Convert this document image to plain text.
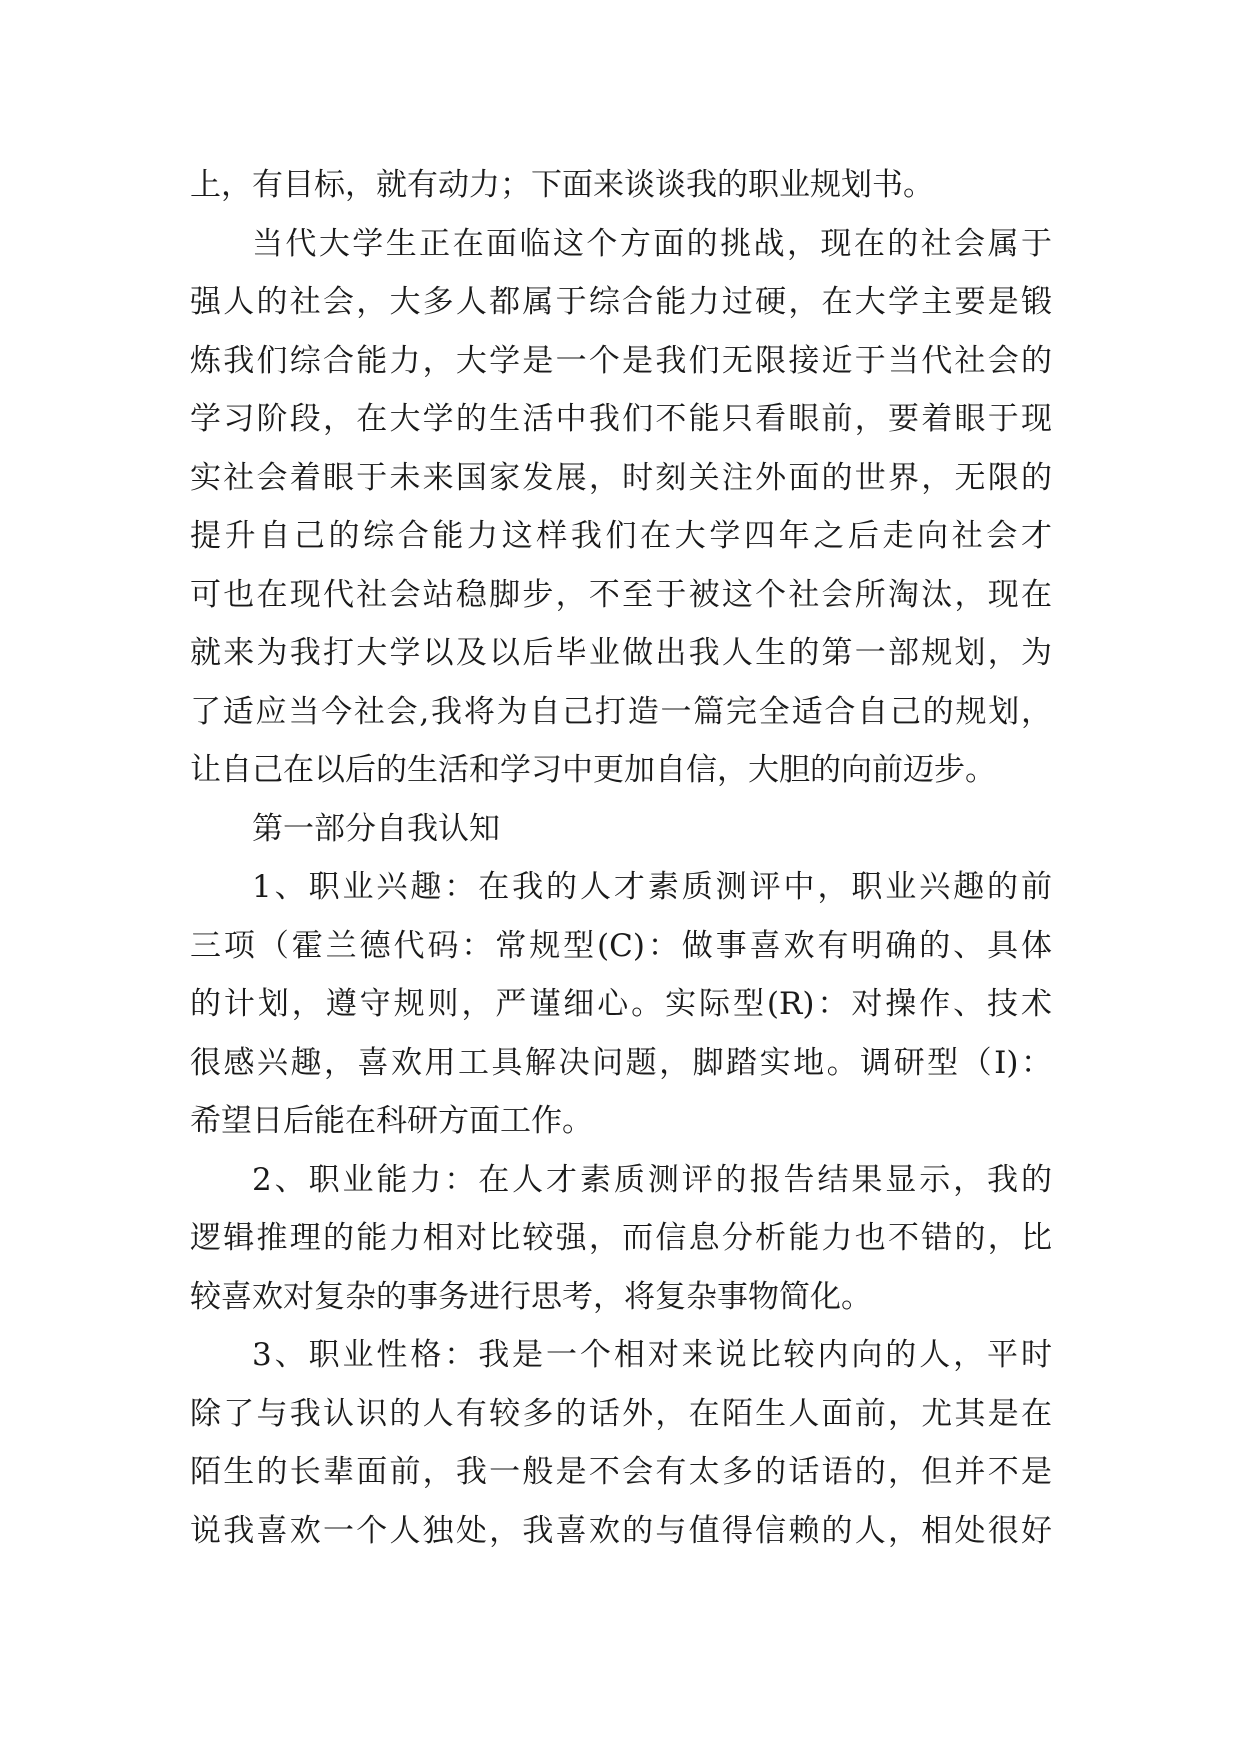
上，有目标，就有动力；下面来谈谈我的职业规划书。
当代大学生正在面临这个方面的挑战，现在的社会属于
强人的社会，大多人都属于综合能力过硬，在大学主要是锻
炼我们综合能力，大学是一个是我们无限接近于当代社会的
学习阶段，在大学的生活中我们不能只看眼前，要着眼于现
实社会着眼于未来国家发展，时刻关注外面的世界，无限的
提升自己的综合能力这样我们在大学四年之后走向社会才
可也在现代社会站稳脚步，不至于被这个社会所淘汰，现在
就来为我打大学以及以后毕业做出我人生的第一部规划，为
了适应当今社会,我将为自己打造一篇完全适合自己的规划，
让自己在以后的生活和学习中更加自信，大胆的向前迈步。
第一部分自我认知
1、职业兴趣：在我的人才素质测评中，职业兴趣的前
三项（霍兰德代码：常规型(C)：做事喜欢有明确的、具体
的计划，遵守规则，严谨细心。实际型(R)：对操作、技术
很感兴趣，喜欢用工具解决问题，脚踏实地。调研型（I)：
希望日后能在科研方面工作。
2、职业能力：在人才素质测评的报告结果显示，我的
逻辑推理的能力相对比较强，而信息分析能力也不错的，比
较喜欢对复杂的事务进行思考，将复杂事物简化。
3、职业性格：我是一个相对来说比较内向的人，平时
除了与我认识的人有较多的话外，在陌生人面前，尤其是在
陌生的长辈面前，我一般是不会有太多的话语的，但并不是
说我喜欢一个人独处，我喜欢的与值得信赖的人，相处很好
